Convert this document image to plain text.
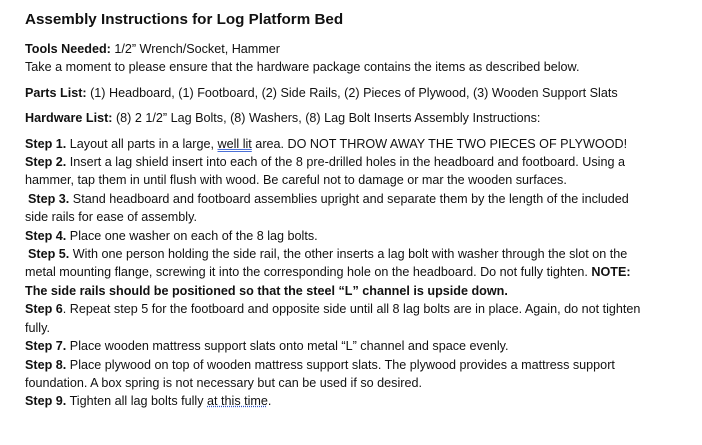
Assembly Instructions for Log Platform Bed
Tools Needed: 1/2” Wrench/Socket, Hammer
Take a moment to please ensure that the hardware package contains the items as described below.
Parts List: (1) Headboard, (1) Footboard, (2) Side Rails, (2) Pieces of Plywood, (3) Wooden Support Slats
Hardware List: (8) 2 1/2” Lag Bolts, (8) Washers, (8) Lag Bolt Inserts Assembly Instructions:
Step 1. Layout all parts in a large, well lit area. DO NOT THROW AWAY THE TWO PIECES OF PLYWOOD!
Step 2. Insert a lag shield insert into each of the 8 pre-drilled holes in the headboard and footboard. Using a
hammer, tap them in until flush with wood. Be careful not to damage or mar the wooden surfaces.
Step 3. Stand headboard and footboard assemblies upright and separate them by the length of the included
side rails for ease of assembly.
Step 4. Place one washer on each of the 8 lag bolts.
Step 5. With one person holding the side rail, the other inserts a lag bolt with washer through the slot on the
metal mounting flange, screwing it into the corresponding hole on the headboard. Do not fully tighten. NOTE:
The side rails should be positioned so that the steel “L” channel is upside down.
Step 6. Repeat step 5 for the footboard and opposite side until all 8 lag bolts are in place. Again, do not tighten
fully.
Step 7. Place wooden mattress support slats onto metal “L” channel and space evenly.
Step 8. Place plywood on top of wooden mattress support slats. The plywood provides a mattress support
foundation. A box spring is not necessary but can be used if so desired.
Step 9. Tighten all lag bolts fully at this time.
